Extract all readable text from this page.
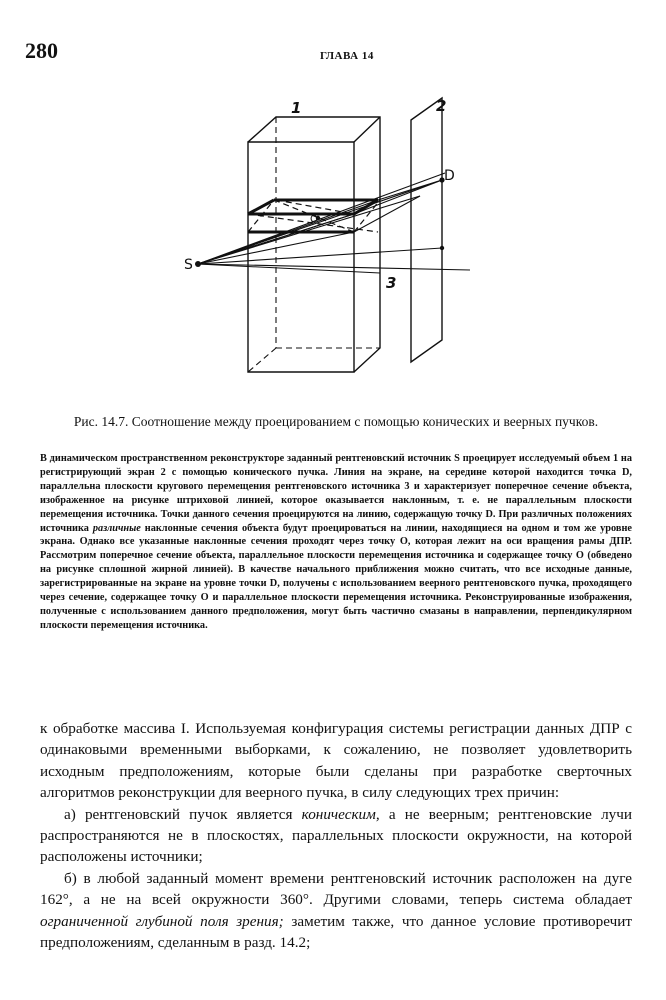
280	ГЛАВА 14
1	2
3
S
D
O
Рис. 14.7. Соотношение между проецированием с помощью конических и веерных пучков.

В динамическом пространственном реконструкторе заданный рентгеновский источник S проецирует исследуемый объем 1 на регистрирующий экран 2 с помощью конического пучка. Линия на экране, на середине которой находится точка D, параллельна плоскости кругового перемещения рентгеновского источника 3 и характеризует поперечное сечение объекта, изображенное на рисунке штриховой линией, которое оказывается наклонным, т. е. не параллельным плоскости перемещения источника. Точки данного сечения проецируются на линию, содержащую точку D. При различных положениях источника различные наклонные сечения объекта будут проецироваться на линии, находящиеся на одном и том же уровне экрана. Однако все указанные наклонные сечения проходят через точку O, которая лежит на оси вращения рамы ДПР. Рассмотрим поперечное сечение объекта, параллельное плоскости перемещения источника и содержащее точку O (обведено на рисунке сплошной жирной линией). В качестве начального приближения можно считать, что все исходные данные, зарегистрированные на экране на уровне точки D, получены с использованием веерного рентгеновского пучка, проходящего через сечение, содержащее точку O и параллельное плоскости перемещения источника. Реконструированные изображения, полученные с использованием данного предположения, могут быть частично смазаны в направлении, перпендикулярном плоскости перемещения источника.

к обработке массива I. Используемая конфигурация системы регистрации данных ДПР с одинаковыми временными выборками, к сожалению, не позволяет удовлетворить исходным предположениям, которые были сделаны при разработке сверточных алгоритмов реконструкции для веерного пучка, в силу следующих трех причин:

а) рентгеновский пучок является коническим, а не веерным; рентгеновские лучи распространяются не в плоскостях, параллельных плоскости окружности, на которой расположены источники;

б) в любой заданный момент времени рентгеновский источник расположен на дуге 162°, а не на всей окружности 360°. Другими словами, теперь система обладает ограниченной глубиной поля зрения; заметим также, что данное условие противоречит предположениям, сделанным в разд. 14.2;
